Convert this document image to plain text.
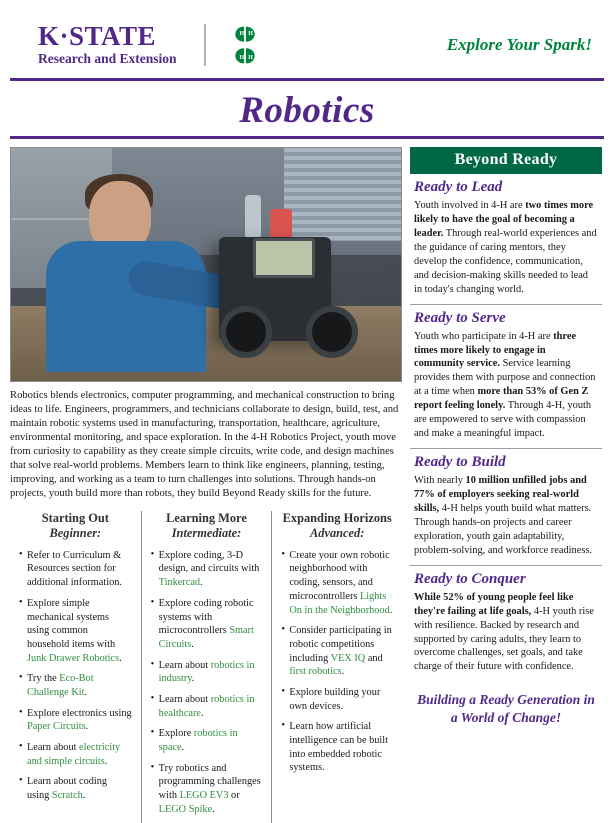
K·STATE
Research and Extension
H H
H H
Explore Your Spark!
Robotics
Robotics blends electronics, computer programming, and mechanical construction to bring ideas to life. Engineers, programmers, and technicians collaborate to design, build, test, and maintain robotic systems used in manufacturing, transportation, healthcare, agriculture, environmental monitoring, and space exploration. In the 4-H Robotics Project, youth move from curiosity to capability as they create simple circuits, write code, and design machines that solve real-world problems. Members learn to think like engineers, planning, testing, improving, and working as a team to turn challenges into solutions. Through hands-on projects, youth build more than robots, they build Beyond Ready skills for the future.
Starting Out
Beginner:
• Refer to Curriculum & Resources section for additional information.
• Explore simple mechanical systems using common household items with Junk Drawer Robotics.
• Try the Eco-Bot Challenge Kit.
• Explore electronics using Paper Circuits.
• Learn about electricity and simple circuits.
• Learn about coding using Scratch.
Learning More
Intermediate:
• Explore coding, 3-D design, and circuits with Tinkercad.
• Explore coding robotic systems with microcontrollers Smart Circuits.
• Learn about robotics in industry.
• Learn about robotics in healthcare.
• Explore robotics in space.
• Try robotics and programming challenges with LEGO EV3 or LEGO Spike.
Expanding Horizons
Advanced:
• Create your own robotic neighborhood with coding, sensors, and microcontrollers Lights On in the Neighborhood.
• Consider participating in robotic competitions including VEX IQ and first robotics.
• Explore building your own devices.
• Learn how artificial intelligence can be built into embedded robotic systems.
Beyond Ready
Ready to Lead
Youth involved in 4-H are two times more likely to have the goal of becoming a leader. Through real-world experiences and the guidance of caring mentors, they develop the confidence, communication, and decision-making skills needed to lead in today's changing world.
Ready to Serve
Youth who participate in 4-H are three times more likely to engage in community service. Service learning provides them with purpose and connection at a time when more than 53% of Gen Z report feeling lonely. Through 4-H, youth are empowered to serve with compassion and make a meaningful impact.
Ready to Build
With nearly 10 million unfilled jobs and 77% of employers seeking real-world skills, 4-H helps youth build what matters. Through hands-on projects and career exploration, youth gain adaptability, problem-solving, and workforce readiness.
Ready to Conquer
While 52% of young people feel like they're failing at life goals, 4-H youth rise with resilience. Backed by research and supported by caring adults, they learn to overcome challenges, set goals, and take charge of their future with confidence.
Building a Ready Generation in a World of Change!
